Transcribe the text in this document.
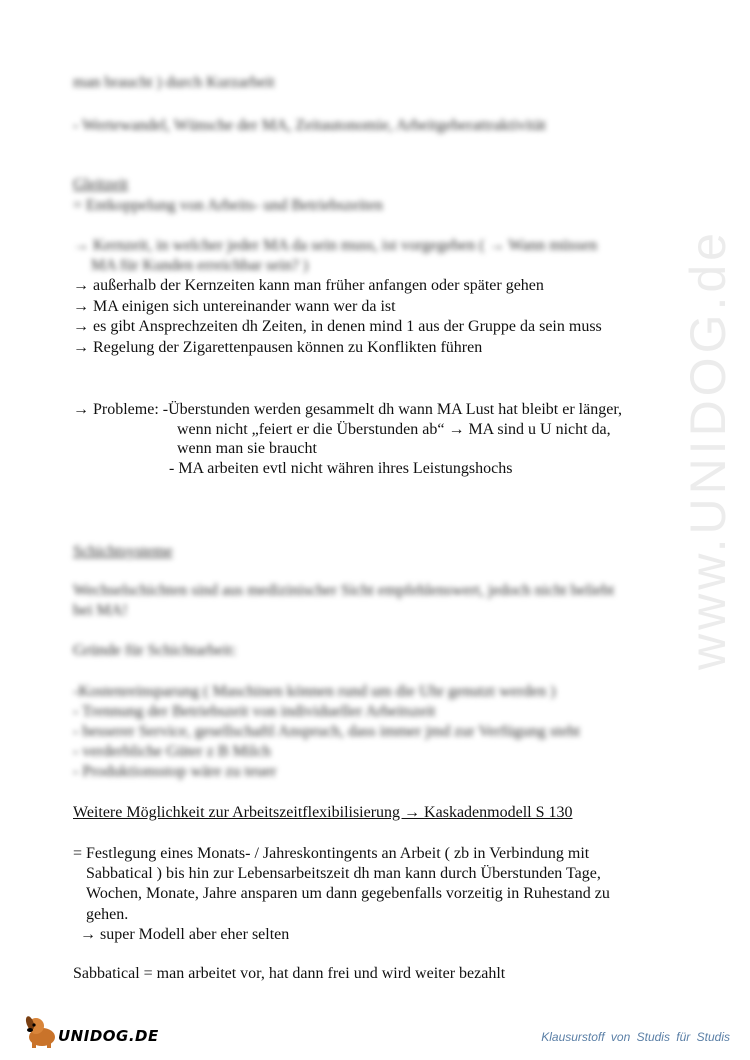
www.UNIDOG.de
man braucht ) durch Kurzarbeit
- Wertewandel, Wünsche der MA, Zeitautonomie, Arbeitgeberattraktivität
Gleitzeit
= Entkoppelung von Arbeits- und Betriebszeiten
→ Kernzeit, in welcher jeder MA da sein muss, ist vorgegeben ( → Wann müssen
MA für Kunden erreichbar sein? )
→ außerhalb der Kernzeiten kann man früher anfangen oder später gehen
→ MA einigen sich untereinander wann wer da ist
→ es gibt Ansprechzeiten dh Zeiten, in denen mind 1 aus der Gruppe da sein muss
→ Regelung der Zigarettenpausen können zu Konflikten führen
→ Probleme: -Überstunden werden gesammelt dh wann MA Lust hat bleibt er länger,
wenn nicht „feiert er die Überstunden ab“ → MA sind u U nicht da,
wenn man sie braucht
- MA arbeiten evtl nicht währen ihres Leistungshochs
Schichtsysteme
Wechselschichten sind aus medizinischer Sicht empfehlenswert, jedoch nicht beliebt
bei MA!
Gründe für Schichtarbeit:
-Kostenreinsparung ( Maschinen können rund um die Uhr genutzt werden )
- Trennung der Betriebszeit von individueller Arbeitszeit
- besserer Service, gesellschaftl Anspruch, dass immer jmd zur Verfügung steht
- verderbliche Güter z B Milch
- Produktionsstop wäre zu teuer
Weitere Möglichkeit zur Arbeitszeitflexibilisierung → Kaskadenmodell S 130
= Festlegung eines Monats- / Jahreskontingents an Arbeit ( zb in Verbindung mit
Sabbatical ) bis hin zur Lebensarbeitszeit dh man kann durch Überstunden Tage,
Wochen, Monate, Jahre ansparen um dann gegebenfalls vorzeitig in Ruhestand zu
gehen.
→ super Modell aber eher selten
Sabbatical = man arbeitet vor, hat dann frei und wird weiter bezahlt
UNIDOG.DE	Klausurstoff von Studis für Studis
